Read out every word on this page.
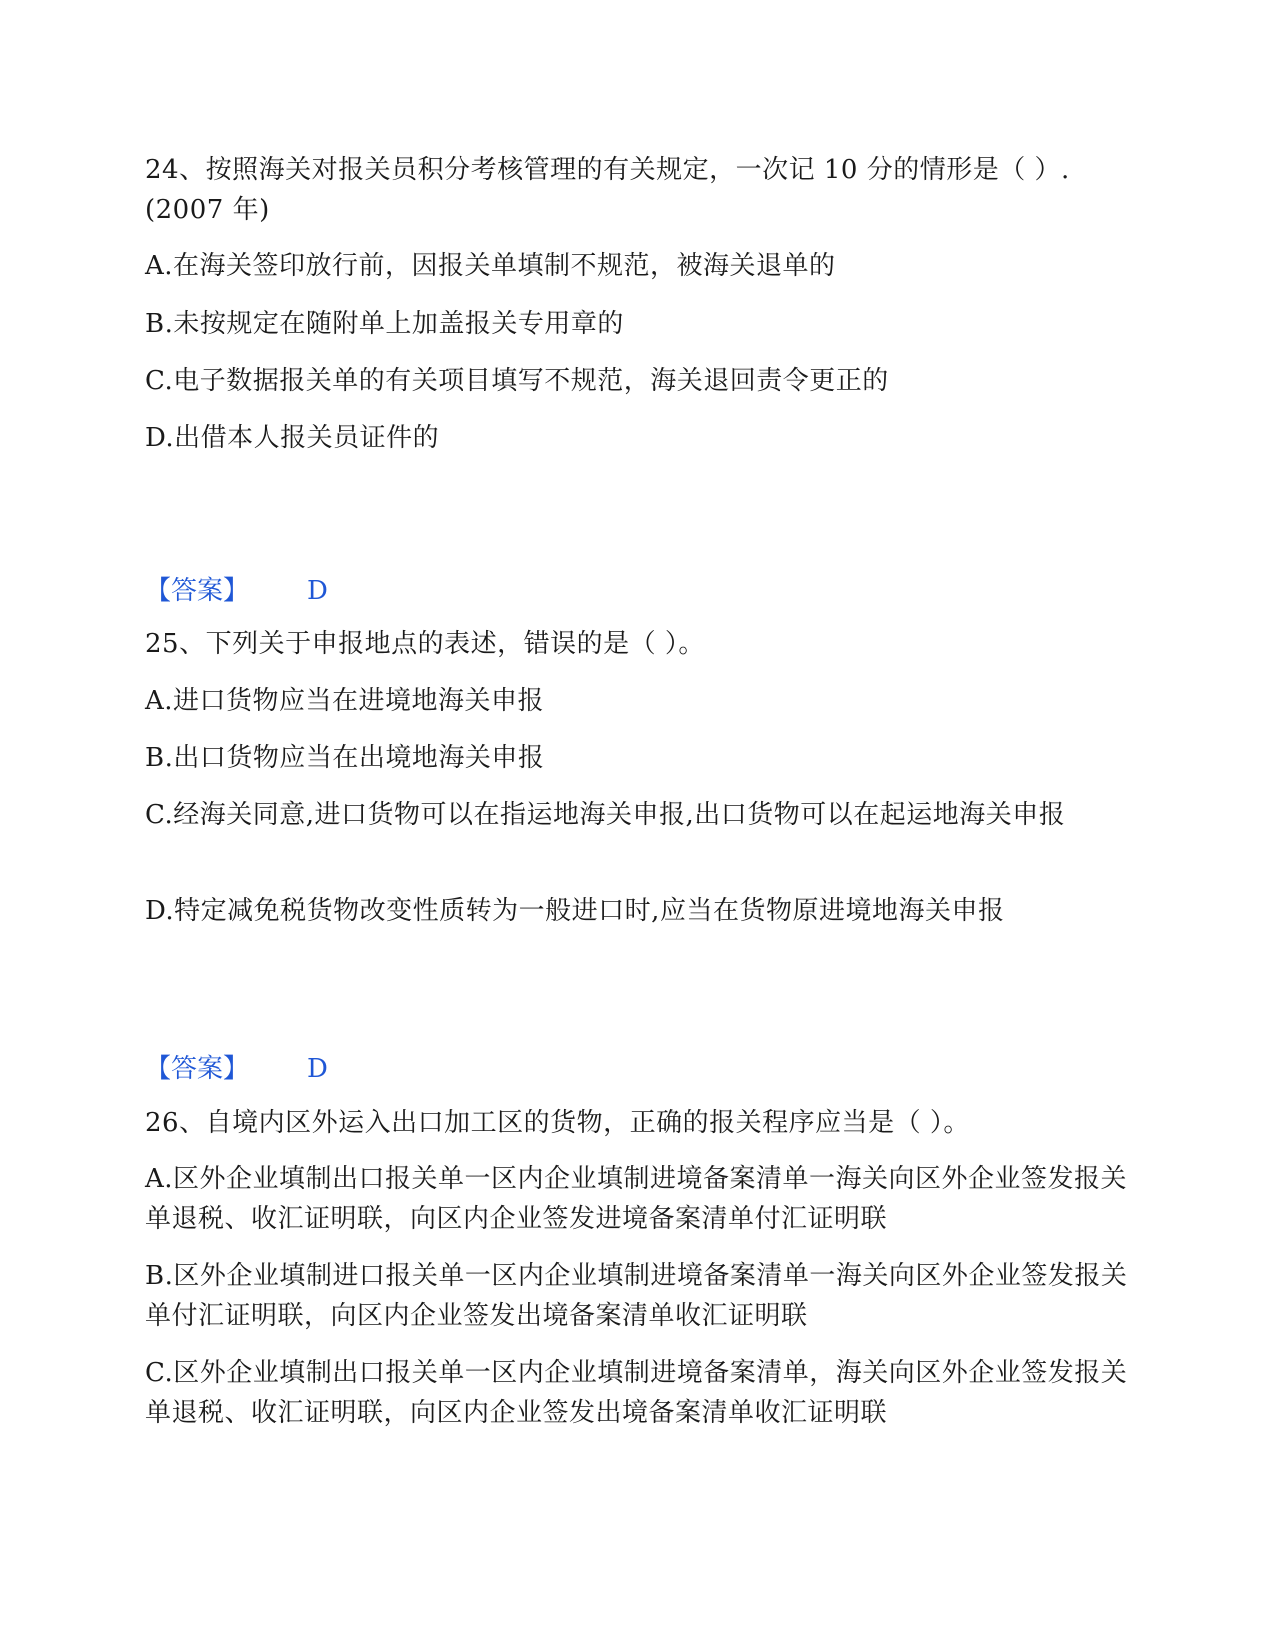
24、按照海关对报关员积分考核管理的有关规定，一次记 10 分的情形是（ ）.(2007 年)
A.在海关签印放行前，因报关单填制不规范，被海关退单的
B.未按规定在随附单上加盖报关专用章的
C.电子数据报关单的有关项目填写不规范，海关退回责令更正的
D.出借本人报关员证件的
【答案】 D
25、下列关于申报地点的表述，错误的是（ ）。
A.进口货物应当在进境地海关申报
B.出口货物应当在出境地海关申报
C.经海关同意,进口货物可以在指运地海关申报,出口货物可以在起运地海关申报
D.特定减免税货物改变性质转为一般进口时,应当在货物原进境地海关申报
【答案】 D
26、自境内区外运入出口加工区的货物，正确的报关程序应当是（ ）。
A.区外企业填制出口报关单一区内企业填制进境备案清单一海关向区外企业签发报关单退税、收汇证明联，向区内企业签发进境备案清单付汇证明联
B.区外企业填制进口报关单一区内企业填制进境备案清单一海关向区外企业签发报关单付汇证明联，向区内企业签发出境备案清单收汇证明联
C.区外企业填制出口报关单一区内企业填制进境备案清单，海关向区外企业签发报关单退税、收汇证明联，向区内企业签发出境备案清单收汇证明联
